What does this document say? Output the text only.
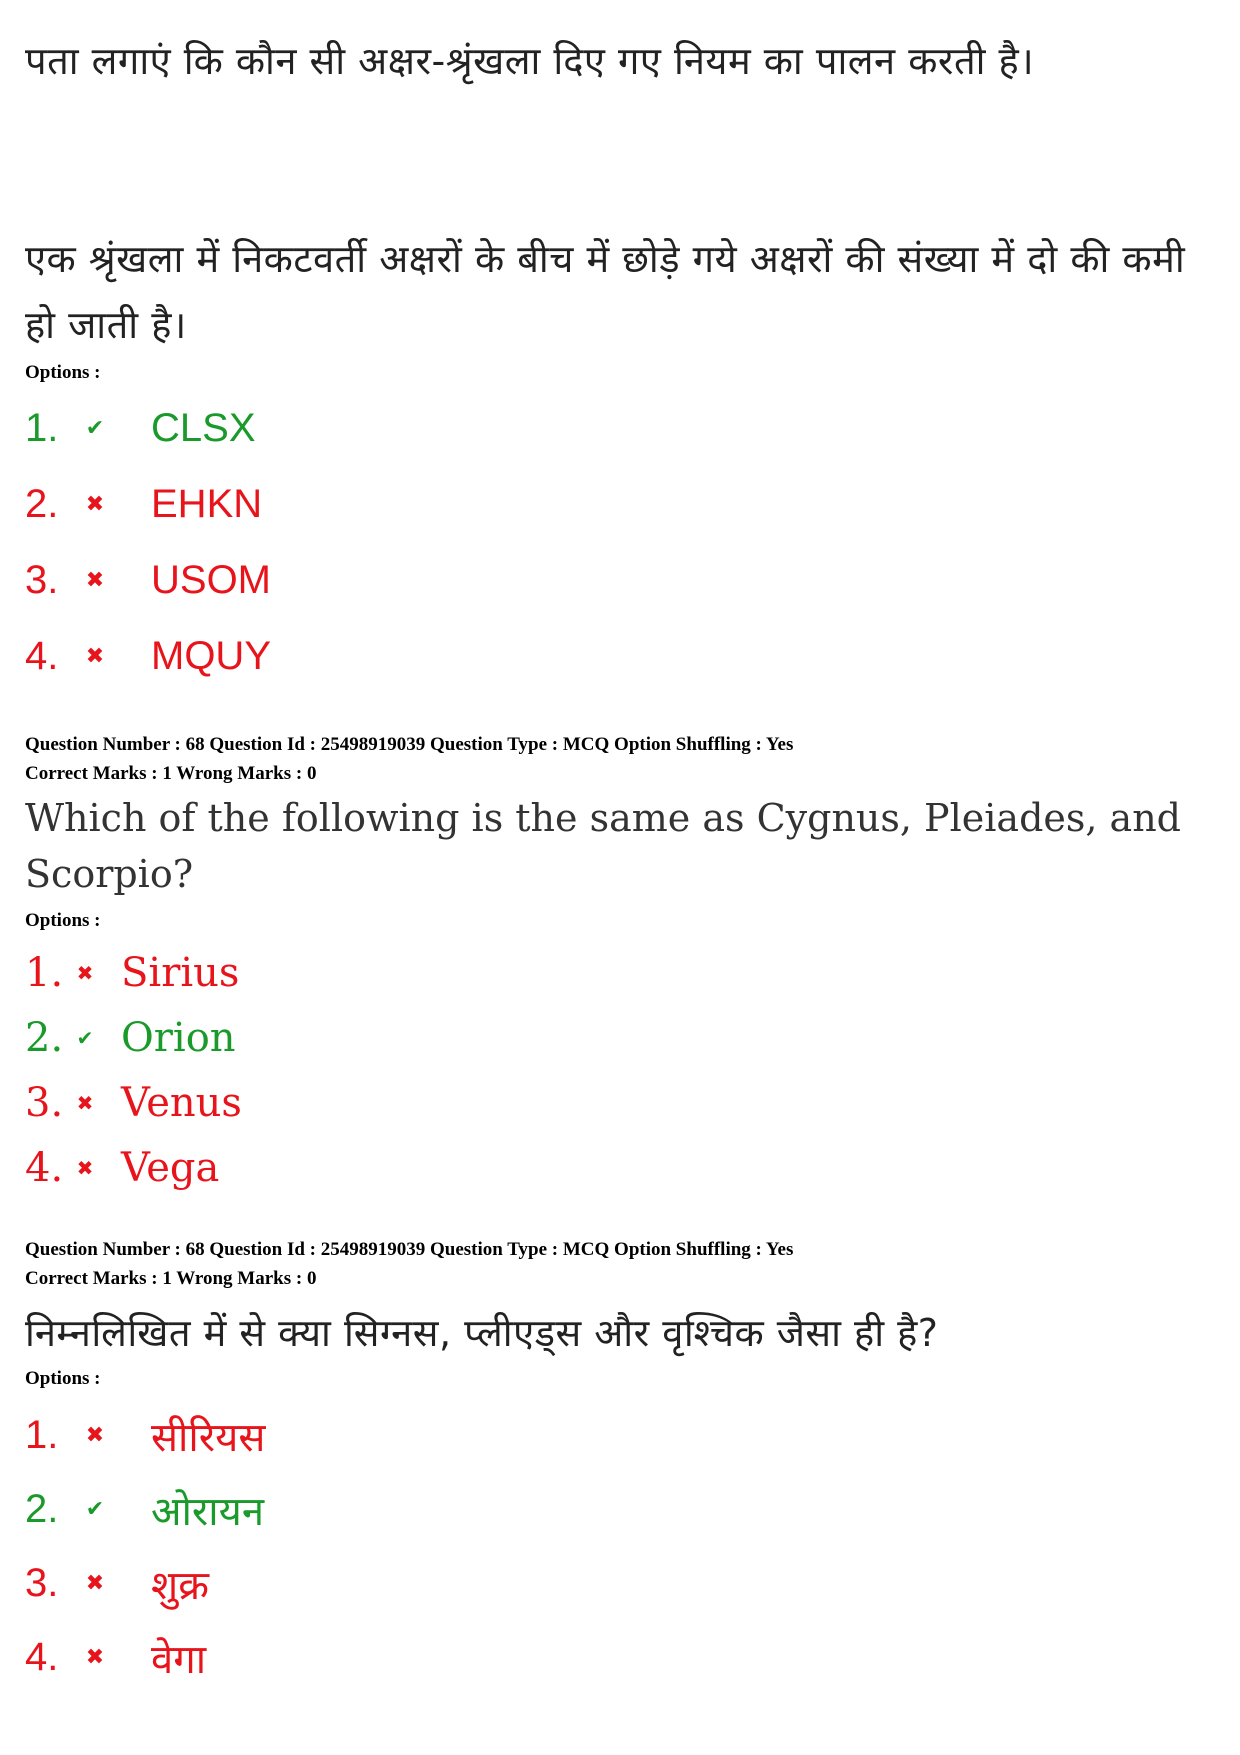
पता लगाएं कि कौन सी अक्षर-श्रृंखला दिए गए नियम का पालन करती है।

एक श्रृंखला में निकटवर्ती अक्षरों के बीच में छोड़े गये अक्षरों की संख्या में दो की कमी हो जाती है।

Options :

1.	✔ CLSX
2.	✖ EHKN
3.	✖ USOM
4.	✖ MQUY

Question Number : 68 Question Id : 25498919039 Question Type : MCQ Option Shuffling : Yes

Correct Marks : 1 Wrong Marks : 0

Which of the following is the same as Cygnus, Pleiades, and Scorpio?

Options :

1. ✖ Sirius
2. ✔ Orion
3. ✖ Venus
4. ✖ Vega

Question Number : 68 Question Id : 25498919039 Question Type : MCQ Option Shuffling : Yes

Correct Marks : 1 Wrong Marks : 0

निम्नलिखित में से क्या सिग्नस, प्लीएड्स और वृश्चिक जैसा ही है?

Options :

1.	✖ सीरियस
2.	✔ ओरायन
3.	✖ शुक्र
4.	✖ वेगा
